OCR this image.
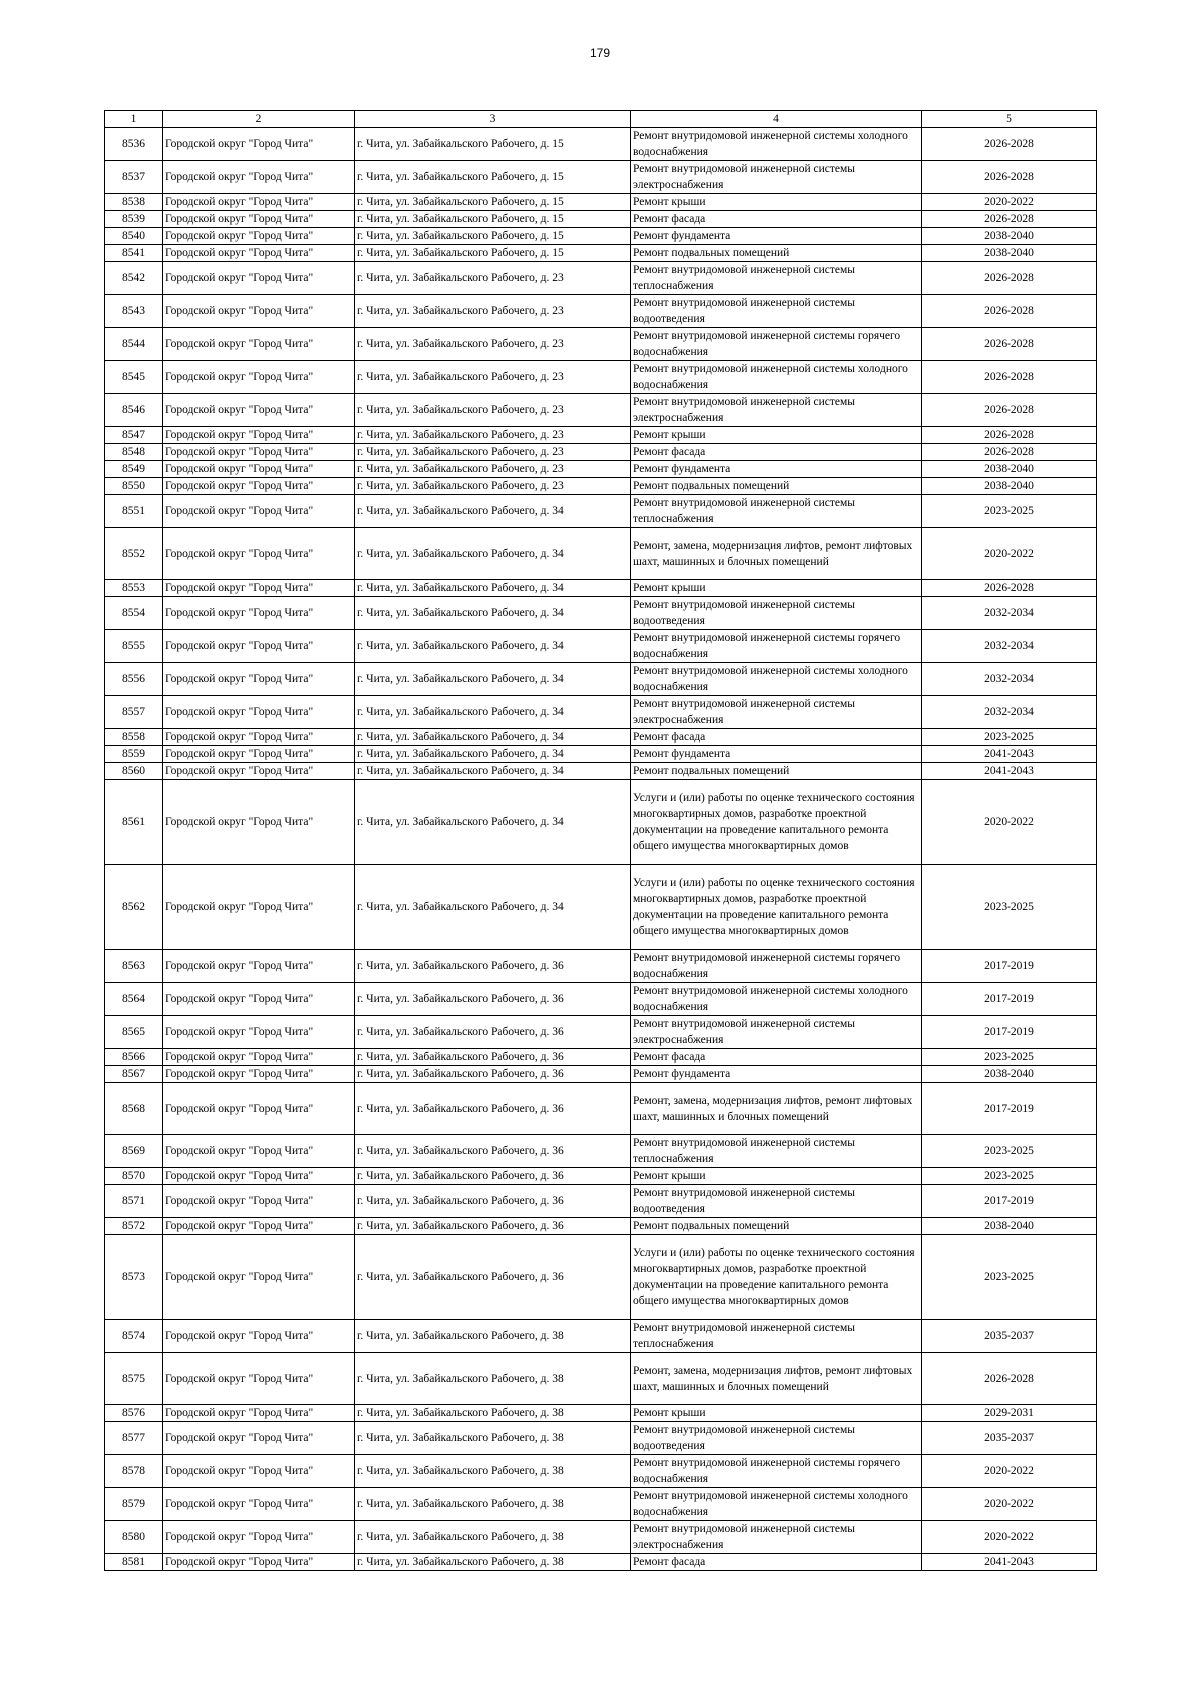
179
1	2	3	4	5
8536	Городской округ "Город Чита"	г. Чита, ул. Забайкальского Рабочего, д. 15	Ремонт внутридомовой инженерной системы холодного водоснабжения	2026-2028
8537	Городской округ "Город Чита"	г. Чита, ул. Забайкальского Рабочего, д. 15	Ремонт внутридомовой инженерной системы электроснабжения	2026-2028
8538	Городской округ "Город Чита"	г. Чита, ул. Забайкальского Рабочего, д. 15	Ремонт крыши	2020-2022
8539	Городской округ "Город Чита"	г. Чита, ул. Забайкальского Рабочего, д. 15	Ремонт фасада	2026-2028
8540	Городской округ "Город Чита"	г. Чита, ул. Забайкальского Рабочего, д. 15	Ремонт фундамента	2038-2040
8541	Городской округ "Город Чита"	г. Чита, ул. Забайкальского Рабочего, д. 15	Ремонт подвальных помещений	2038-2040
8542	Городской округ "Город Чита"	г. Чита, ул. Забайкальского Рабочего, д. 23	Ремонт внутридомовой инженерной системы теплоснабжения	2026-2028
8543	Городской округ "Город Чита"	г. Чита, ул. Забайкальского Рабочего, д. 23	Ремонт внутридомовой инженерной системы водоотведения	2026-2028
8544	Городской округ "Город Чита"	г. Чита, ул. Забайкальского Рабочего, д. 23	Ремонт внутридомовой инженерной системы горячего водоснабжения	2026-2028
8545	Городской округ "Город Чита"	г. Чита, ул. Забайкальского Рабочего, д. 23	Ремонт внутридомовой инженерной системы холодного водоснабжения	2026-2028
8546	Городской округ "Город Чита"	г. Чита, ул. Забайкальского Рабочего, д. 23	Ремонт внутридомовой инженерной системы электроснабжения	2026-2028
8547	Городской округ "Город Чита"	г. Чита, ул. Забайкальского Рабочего, д. 23	Ремонт крыши	2026-2028
8548	Городской округ "Город Чита"	г. Чита, ул. Забайкальского Рабочего, д. 23	Ремонт фасада	2026-2028
8549	Городской округ "Город Чита"	г. Чита, ул. Забайкальского Рабочего, д. 23	Ремонт фундамента	2038-2040
8550	Городской округ "Город Чита"	г. Чита, ул. Забайкальского Рабочего, д. 23	Ремонт подвальных помещений	2038-2040
8551	Городской округ "Город Чита"	г. Чита, ул. Забайкальского Рабочего, д. 34	Ремонт внутридомовой инженерной системы теплоснабжения	2023-2025
8552	Городской округ "Город Чита"	г. Чита, ул. Забайкальского Рабочего, д. 34	Ремонт, замена, модернизация лифтов, ремонт лифтовых шахт, машинных и блочных помещений	2020-2022
8553	Городской округ "Город Чита"	г. Чита, ул. Забайкальского Рабочего, д. 34	Ремонт крыши	2026-2028
8554	Городской округ "Город Чита"	г. Чита, ул. Забайкальского Рабочего, д. 34	Ремонт внутридомовой инженерной системы водоотведения	2032-2034
8555	Городской округ "Город Чита"	г. Чита, ул. Забайкальского Рабочего, д. 34	Ремонт внутридомовой инженерной системы горячего водоснабжения	2032-2034
8556	Городской округ "Город Чита"	г. Чита, ул. Забайкальского Рабочего, д. 34	Ремонт внутридомовой инженерной системы холодного водоснабжения	2032-2034
8557	Городской округ "Город Чита"	г. Чита, ул. Забайкальского Рабочего, д. 34	Ремонт внутридомовой инженерной системы электроснабжения	2032-2034
8558	Городской округ "Город Чита"	г. Чита, ул. Забайкальского Рабочего, д. 34	Ремонт фасада	2023-2025
8559	Городской округ "Город Чита"	г. Чита, ул. Забайкальского Рабочего, д. 34	Ремонт фундамента	2041-2043
8560	Городской округ "Город Чита"	г. Чита, ул. Забайкальского Рабочего, д. 34	Ремонт подвальных помещений	2041-2043
8561	Городской округ "Город Чита"	г. Чита, ул. Забайкальского Рабочего, д. 34	Услуги и (или) работы по оценке технического состояния многоквартирных домов, разработке проектной документации на проведение капитального ремонта общего имущества многоквартирных домов	2020-2022
8562	Городской округ "Город Чита"	г. Чита, ул. Забайкальского Рабочего, д. 34	Услуги и (или) работы по оценке технического состояния многоквартирных домов, разработке проектной документации на проведение капитального ремонта общего имущества многоквартирных домов	2023-2025
8563	Городской округ "Город Чита"	г. Чита, ул. Забайкальского Рабочего, д. 36	Ремонт внутридомовой инженерной системы горячего водоснабжения	2017-2019
8564	Городской округ "Город Чита"	г. Чита, ул. Забайкальского Рабочего, д. 36	Ремонт внутридомовой инженерной системы холодного водоснабжения	2017-2019
8565	Городской округ "Город Чита"	г. Чита, ул. Забайкальского Рабочего, д. 36	Ремонт внутридомовой инженерной системы электроснабжения	2017-2019
8566	Городской округ "Город Чита"	г. Чита, ул. Забайкальского Рабочего, д. 36	Ремонт фасада	2023-2025
8567	Городской округ "Город Чита"	г. Чита, ул. Забайкальского Рабочего, д. 36	Ремонт фундамента	2038-2040
8568	Городской округ "Город Чита"	г. Чита, ул. Забайкальского Рабочего, д. 36	Ремонт, замена, модернизация лифтов, ремонт лифтовых шахт, машинных и блочных помещений	2017-2019
8569	Городской округ "Город Чита"	г. Чита, ул. Забайкальского Рабочего, д. 36	Ремонт внутридомовой инженерной системы теплоснабжения	2023-2025
8570	Городской округ "Город Чита"	г. Чита, ул. Забайкальского Рабочего, д. 36	Ремонт крыши	2023-2025
8571	Городской округ "Город Чита"	г. Чита, ул. Забайкальского Рабочего, д. 36	Ремонт внутридомовой инженерной системы водоотведения	2017-2019
8572	Городской округ "Город Чита"	г. Чита, ул. Забайкальского Рабочего, д. 36	Ремонт подвальных помещений	2038-2040
8573	Городской округ "Город Чита"	г. Чита, ул. Забайкальского Рабочего, д. 36	Услуги и (или) работы по оценке технического состояния многоквартирных домов, разработке проектной документации на проведение капитального ремонта общего имущества многоквартирных домов	2023-2025
8574	Городской округ "Город Чита"	г. Чита, ул. Забайкальского Рабочего, д. 38	Ремонт внутридомовой инженерной системы теплоснабжения	2035-2037
8575	Городской округ "Город Чита"	г. Чита, ул. Забайкальского Рабочего, д. 38	Ремонт, замена, модернизация лифтов, ремонт лифтовых шахт, машинных и блочных помещений	2026-2028
8576	Городской округ "Город Чита"	г. Чита, ул. Забайкальского Рабочего, д. 38	Ремонт крыши	2029-2031
8577	Городской округ "Город Чита"	г. Чита, ул. Забайкальского Рабочего, д. 38	Ремонт внутридомовой инженерной системы водоотведения	2035-2037
8578	Городской округ "Город Чита"	г. Чита, ул. Забайкальского Рабочего, д. 38	Ремонт внутридомовой инженерной системы горячего водоснабжения	2020-2022
8579	Городской округ "Город Чита"	г. Чита, ул. Забайкальского Рабочего, д. 38	Ремонт внутридомовой инженерной системы холодного водоснабжения	2020-2022
8580	Городской округ "Город Чита"	г. Чита, ул. Забайкальского Рабочего, д. 38	Ремонт внутридомовой инженерной системы электроснабжения	2020-2022
8581	Городской округ "Город Чита"	г. Чита, ул. Забайкальского Рабочего, д. 38	Ремонт фасада	2041-2043
